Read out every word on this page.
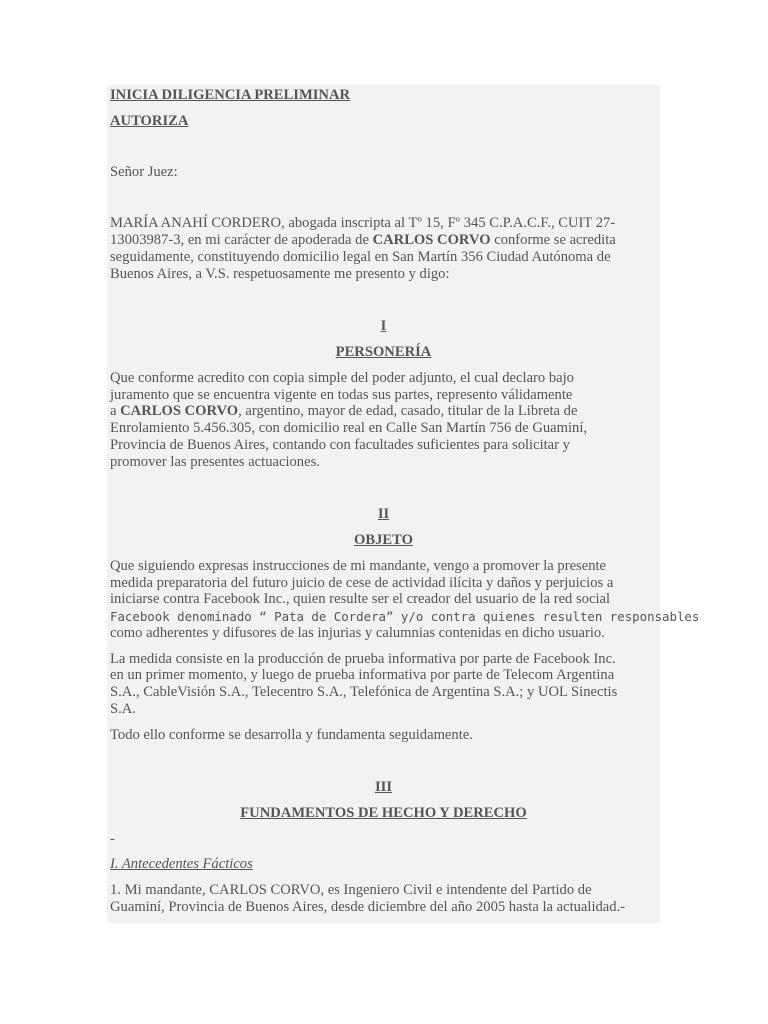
INICIA DILIGENCIA PRELIMINAR

AUTORIZA

Señor Juez:

MARÍA ANAHÍ CORDERO, abogada inscripta al Tº 15, Fº 345 C.P.A.C.F., CUIT 27-

13003987-3, en mi carácter de apoderada de CARLOS CORVO conforme se acredita

seguidamente, constituyendo domicilio legal en San Martín 356 Ciudad Autónoma de

Buenos Aires, a V.S. respetuosamente me presento y digo:

I

PERSONERÍA

Que conforme acredito con copia simple del poder adjunto, el cual declaro bajo

juramento que se encuentra vigente en todas sus partes, represento válidamente

a CARLOS CORVO, argentino, mayor de edad, casado, titular de la Libreta de

Enrolamiento 5.456.305, con domicilio real en Calle San Martín 756 de Guaminí,

Provincia de Buenos Aires, contando con facultades suficientes para solicitar y

promover las presentes actuaciones.

II

OBJETO

Que siguiendo expresas instrucciones de mi mandante, vengo a promover la presente

medida preparatoria del futuro juicio de cese de actividad ilícita y daños y perjuicios a

iniciarse contra Facebook Inc., quien resulte ser el creador del usuario de la red social

Facebook denominado “ Pata de Cordera” y/o contra quienes resulten responsables

como adherentes y difusores de las injurias y calumnias contenidas en dicho usuario.

La medida consiste en la producción de prueba informativa por parte de Facebook Inc.

en un primer momento, y luego de prueba informativa por parte de Telecom Argentina

S.A., CableVisión S.A., Telecentro S.A., Telefónica de Argentina S.A.; y UOL Sinectis

S.A.

Todo ello conforme se desarrolla y fundamenta seguidamente.

III

FUNDAMENTOS DE HECHO Y DERECHO

-

I. Antecedentes Fácticos

1. Mi mandante, CARLOS CORVO, es Ingeniero Civil e intendente del Partido de

Guaminí, Provincia de Buenos Aires, desde diciembre del año 2005 hasta la actualidad.-
